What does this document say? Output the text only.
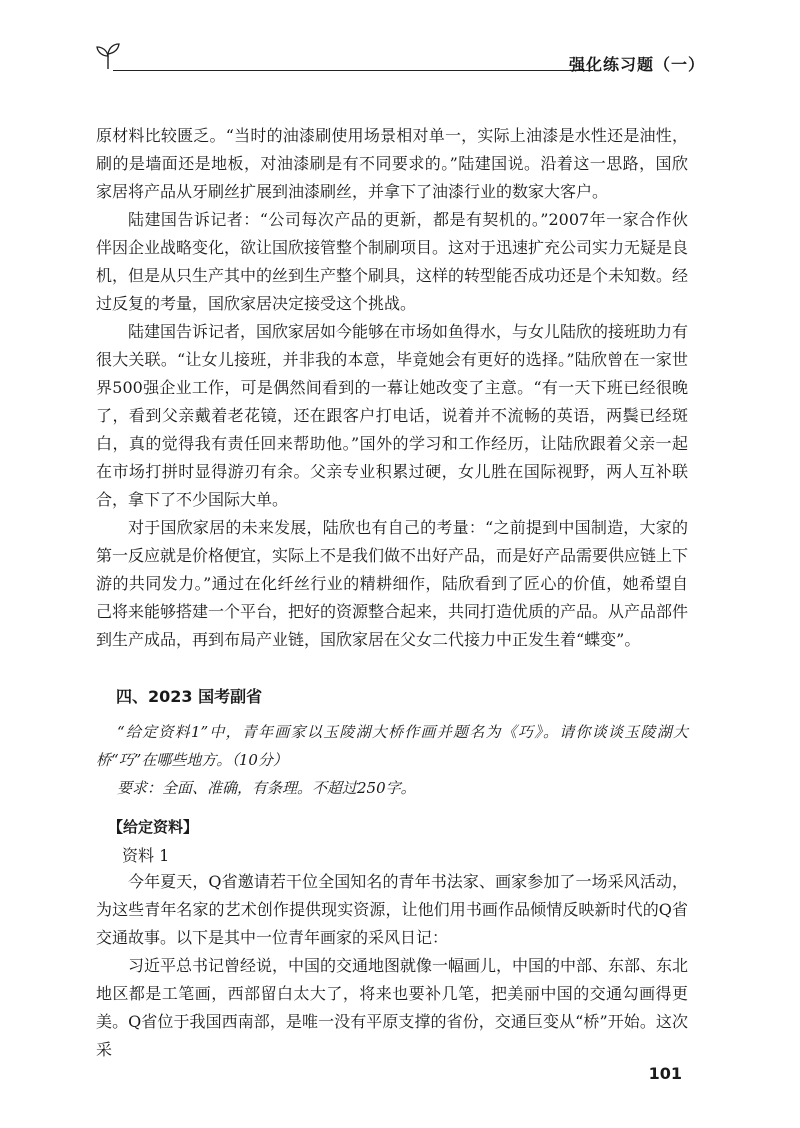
强化练习题（一）

原材料比较匮乏。“当时的油漆刷使用场景相对单一，实际上油漆是水性还是油性，刷的是墙面还是地板，对油漆刷是有不同要求的。”陆建国说。沿着这一思路，国欣家居将产品从牙刷丝扩展到油漆刷丝，并拿下了油漆行业的数家大客户。

陆建国告诉记者：“公司每次产品的更新，都是有契机的。”2007年一家合作伙伴因企业战略变化，欲让国欣接管整个制刷项目。这对于迅速扩充公司实力无疑是良机，但是从只生产其中的丝到生产整个刷具，这样的转型能否成功还是个未知数。经过反复的考量，国欣家居决定接受这个挑战。

陆建国告诉记者，国欣家居如今能够在市场如鱼得水，与女儿陆欣的接班助力有很大关联。“让女儿接班，并非我的本意，毕竟她会有更好的选择。”陆欣曾在一家世界500强企业工作，可是偶然间看到的一幕让她改变了主意。“有一天下班已经很晚了，看到父亲戴着老花镜，还在跟客户打电话，说着并不流畅的英语，两鬓已经斑白，真的觉得我有责任回来帮助他。”国外的学习和工作经历，让陆欣跟着父亲一起在市场打拼时显得游刃有余。父亲专业积累过硬，女儿胜在国际视野，两人互补联合，拿下了不少国际大单。

对于国欣家居的未来发展，陆欣也有自己的考量：“之前提到中国制造，大家的第一反应就是价格便宜，实际上不是我们做不出好产品，而是好产品需要供应链上下游的共同发力。”通过在化纤丝行业的精耕细作，陆欣看到了匠心的价值，她希望自己将来能够搭建一个平台，把好的资源整合起来，共同打造优质的产品。从产品部件到生产成品，再到布局产业链，国欣家居在父女二代接力中正发生着“蝶变”。

四、2023 国考副省

“给定资料1”中，青年画家以玉陵湖大桥作画并题名为《巧》。请你谈谈玉陵湖大桥“巧”在哪些地方。（10分）

要求：全面、准确，有条理。不超过250字。

【给定资料】
资料 1

今年夏天，Q省邀请若干位全国知名的青年书法家、画家参加了一场采风活动，为这些青年名家的艺术创作提供现实资源，让他们用书画作品倾情反映新时代的Q省交通故事。以下是其中一位青年画家的采风日记：

习近平总书记曾经说，中国的交通地图就像一幅画儿，中国的中部、东部、东北地区都是工笔画，西部留白太大了，将来也要补几笔，把美丽中国的交通勾画得更美。Q省位于我国西南部，是唯一没有平原支撑的省份，交通巨变从“桥”开始。这次采

101
